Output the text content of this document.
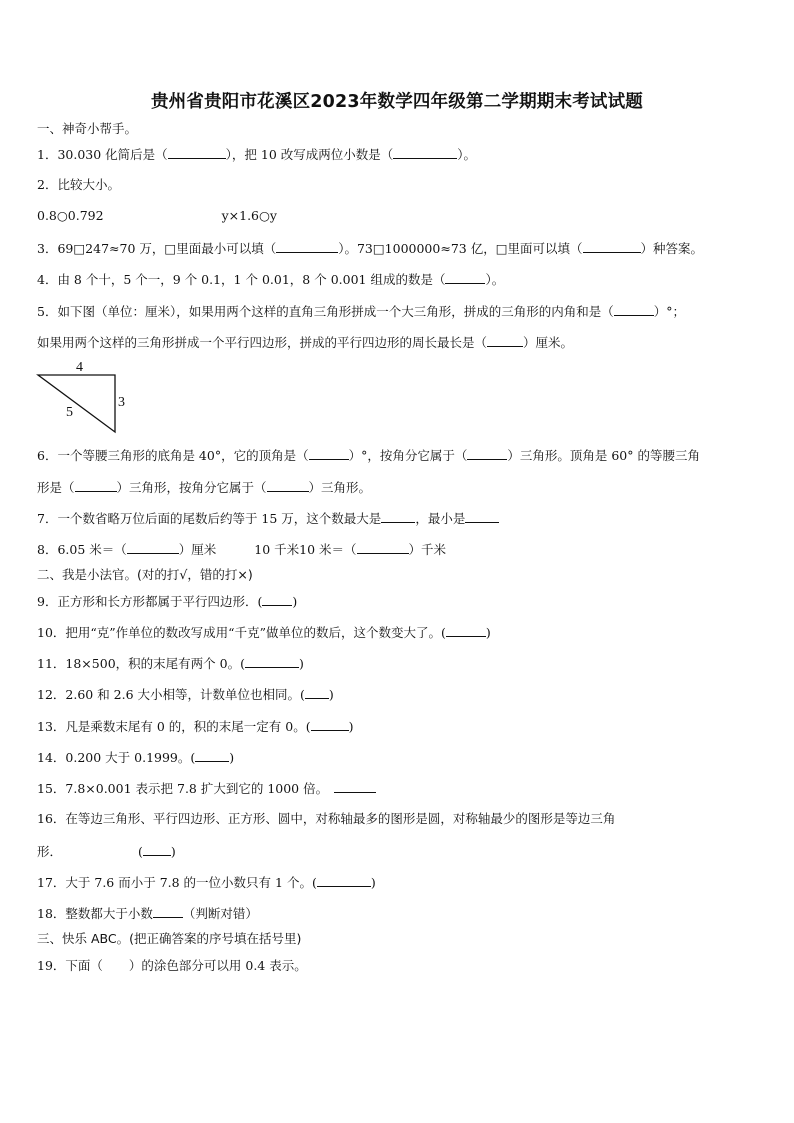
贵州省贵阳市花溪区2023年数学四年级第二学期期末考试试题
一、神奇小帮手。
1．30.030 化简后是（	），把 10 改写成两位小数是（	）。
2．比较大小。
0.8○0.792	y×1.6○y
3．69□247≈70 万，□里面最小可以填（	）。73□1000000≈73 亿，□里面可以填（	）种答案。
4．由 8 个十，5 个一，9 个 0.1，1 个 0.01，8 个 0.001 组成的数是（	）。
5．如下图（单位：厘米），如果用两个这样的直角三角形拼成一个大三角形，拼成的三角形的内角和是（	）°；
如果用两个这样的三角形拼成一个平行四边形，拼成的平行四边形的周长最长是（	）厘米。
4
3
5
6．一个等腰三角形的底角是 40°，它的顶角是（	）°，按角分它属于（	）三角形。顶角是 60° 的等腰三角
形是（	）三角形，按角分它属于（	）三角形。
7．一个数省略万位后面的尾数后约等于 15 万，这个数最大是	，最小是
8．6.05 米＝（	）厘米	10 千米10 米＝（	）千米
二、我是小法官。(对的打√，错的打×)
9．正方形和长方形都属于平行四边形．( )
10．把用“克”作单位的数改写成用“千克”做单位的数后，这个数变大了。(	)
11．18×500，积的末尾有两个 0。(	)
12．2.60 和 2.6 大小相等，计数单位也相同。( )
13．凡是乘数末尾有 0 的，积的末尾一定有 0。(	)
14．0.200 大于 0.1999。(	)
15．7.8×0.001 表示把 7.8 扩大到它的 1000 倍。
16．在等边三角形、平行四边形、正方形、圆中，对称轴最多的图形是圆，对称轴最少的图形是等边三角
形．	( )
17．大于 7.6 而小于 7.8 的一位小数只有 1 个。(	)
18．整数都大于小数 （判断对错）
三、快乐 ABC。(把正确答案的序号填在括号里)
19．下面（ ）的涂色部分可以用 0.4 表示。
